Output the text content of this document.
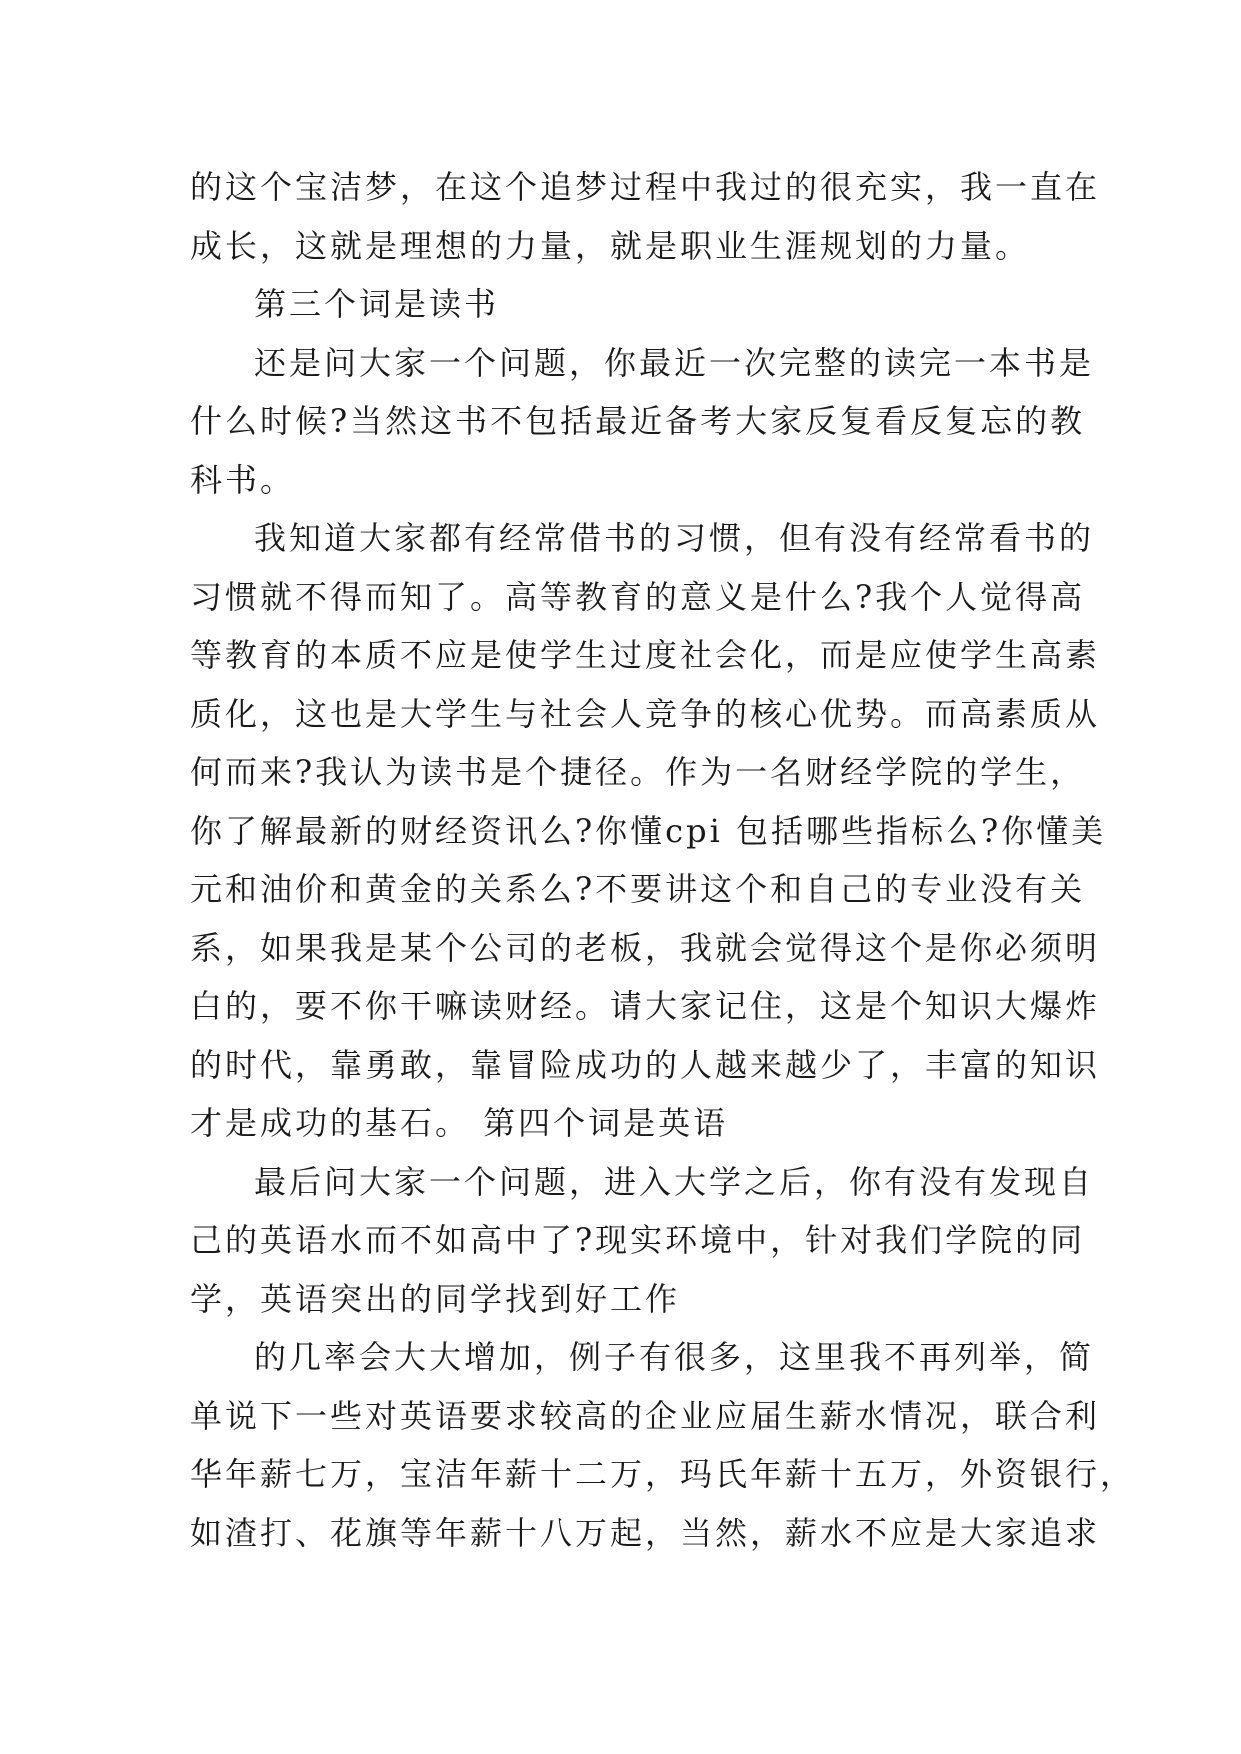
的这个宝洁梦，在这个追梦过程中我过的很充实，我一直在
成长，这就是理想的力量，就是职业生涯规划的力量。
第三个词是读书
还是问大家一个问题，你最近一次完整的读完一本书是
什么时候?当然这书不包括最近备考大家反复看反复忘的教
科书。
我知道大家都有经常借书的习惯，但有没有经常看书的
习惯就不得而知了。高等教育的意义是什么?我个人觉得高
等教育的本质不应是使学生过度社会化，而是应使学生高素
质化，这也是大学生与社会人竞争的核心优势。而高素质从
何而来?我认为读书是个捷径。作为一名财经学院的学生，
你了解最新的财经资讯么?你懂cpi 包括哪些指标么?你懂美
元和油价和黄金的关系么?不要讲这个和自己的专业没有关
系，如果我是某个公司的老板，我就会觉得这个是你必须明
白的，要不你干嘛读财经。请大家记住，这是个知识大爆炸
的时代，靠勇敢，靠冒险成功的人越来越少了，丰富的知识
才是成功的基石。 第四个词是英语
最后问大家一个问题，进入大学之后，你有没有发现自
己的英语水而不如高中了?现实环境中，针对我们学院的同
学，英语突出的同学找到好工作
的几率会大大增加，例子有很多，这里我不再列举，简
单说下一些对英语要求较高的企业应届生薪水情况，联合利
华年薪七万，宝洁年薪十二万，玛氏年薪十五万，外资银行，
如渣打、花旗等年薪十八万起，当然，薪水不应是大家追求
